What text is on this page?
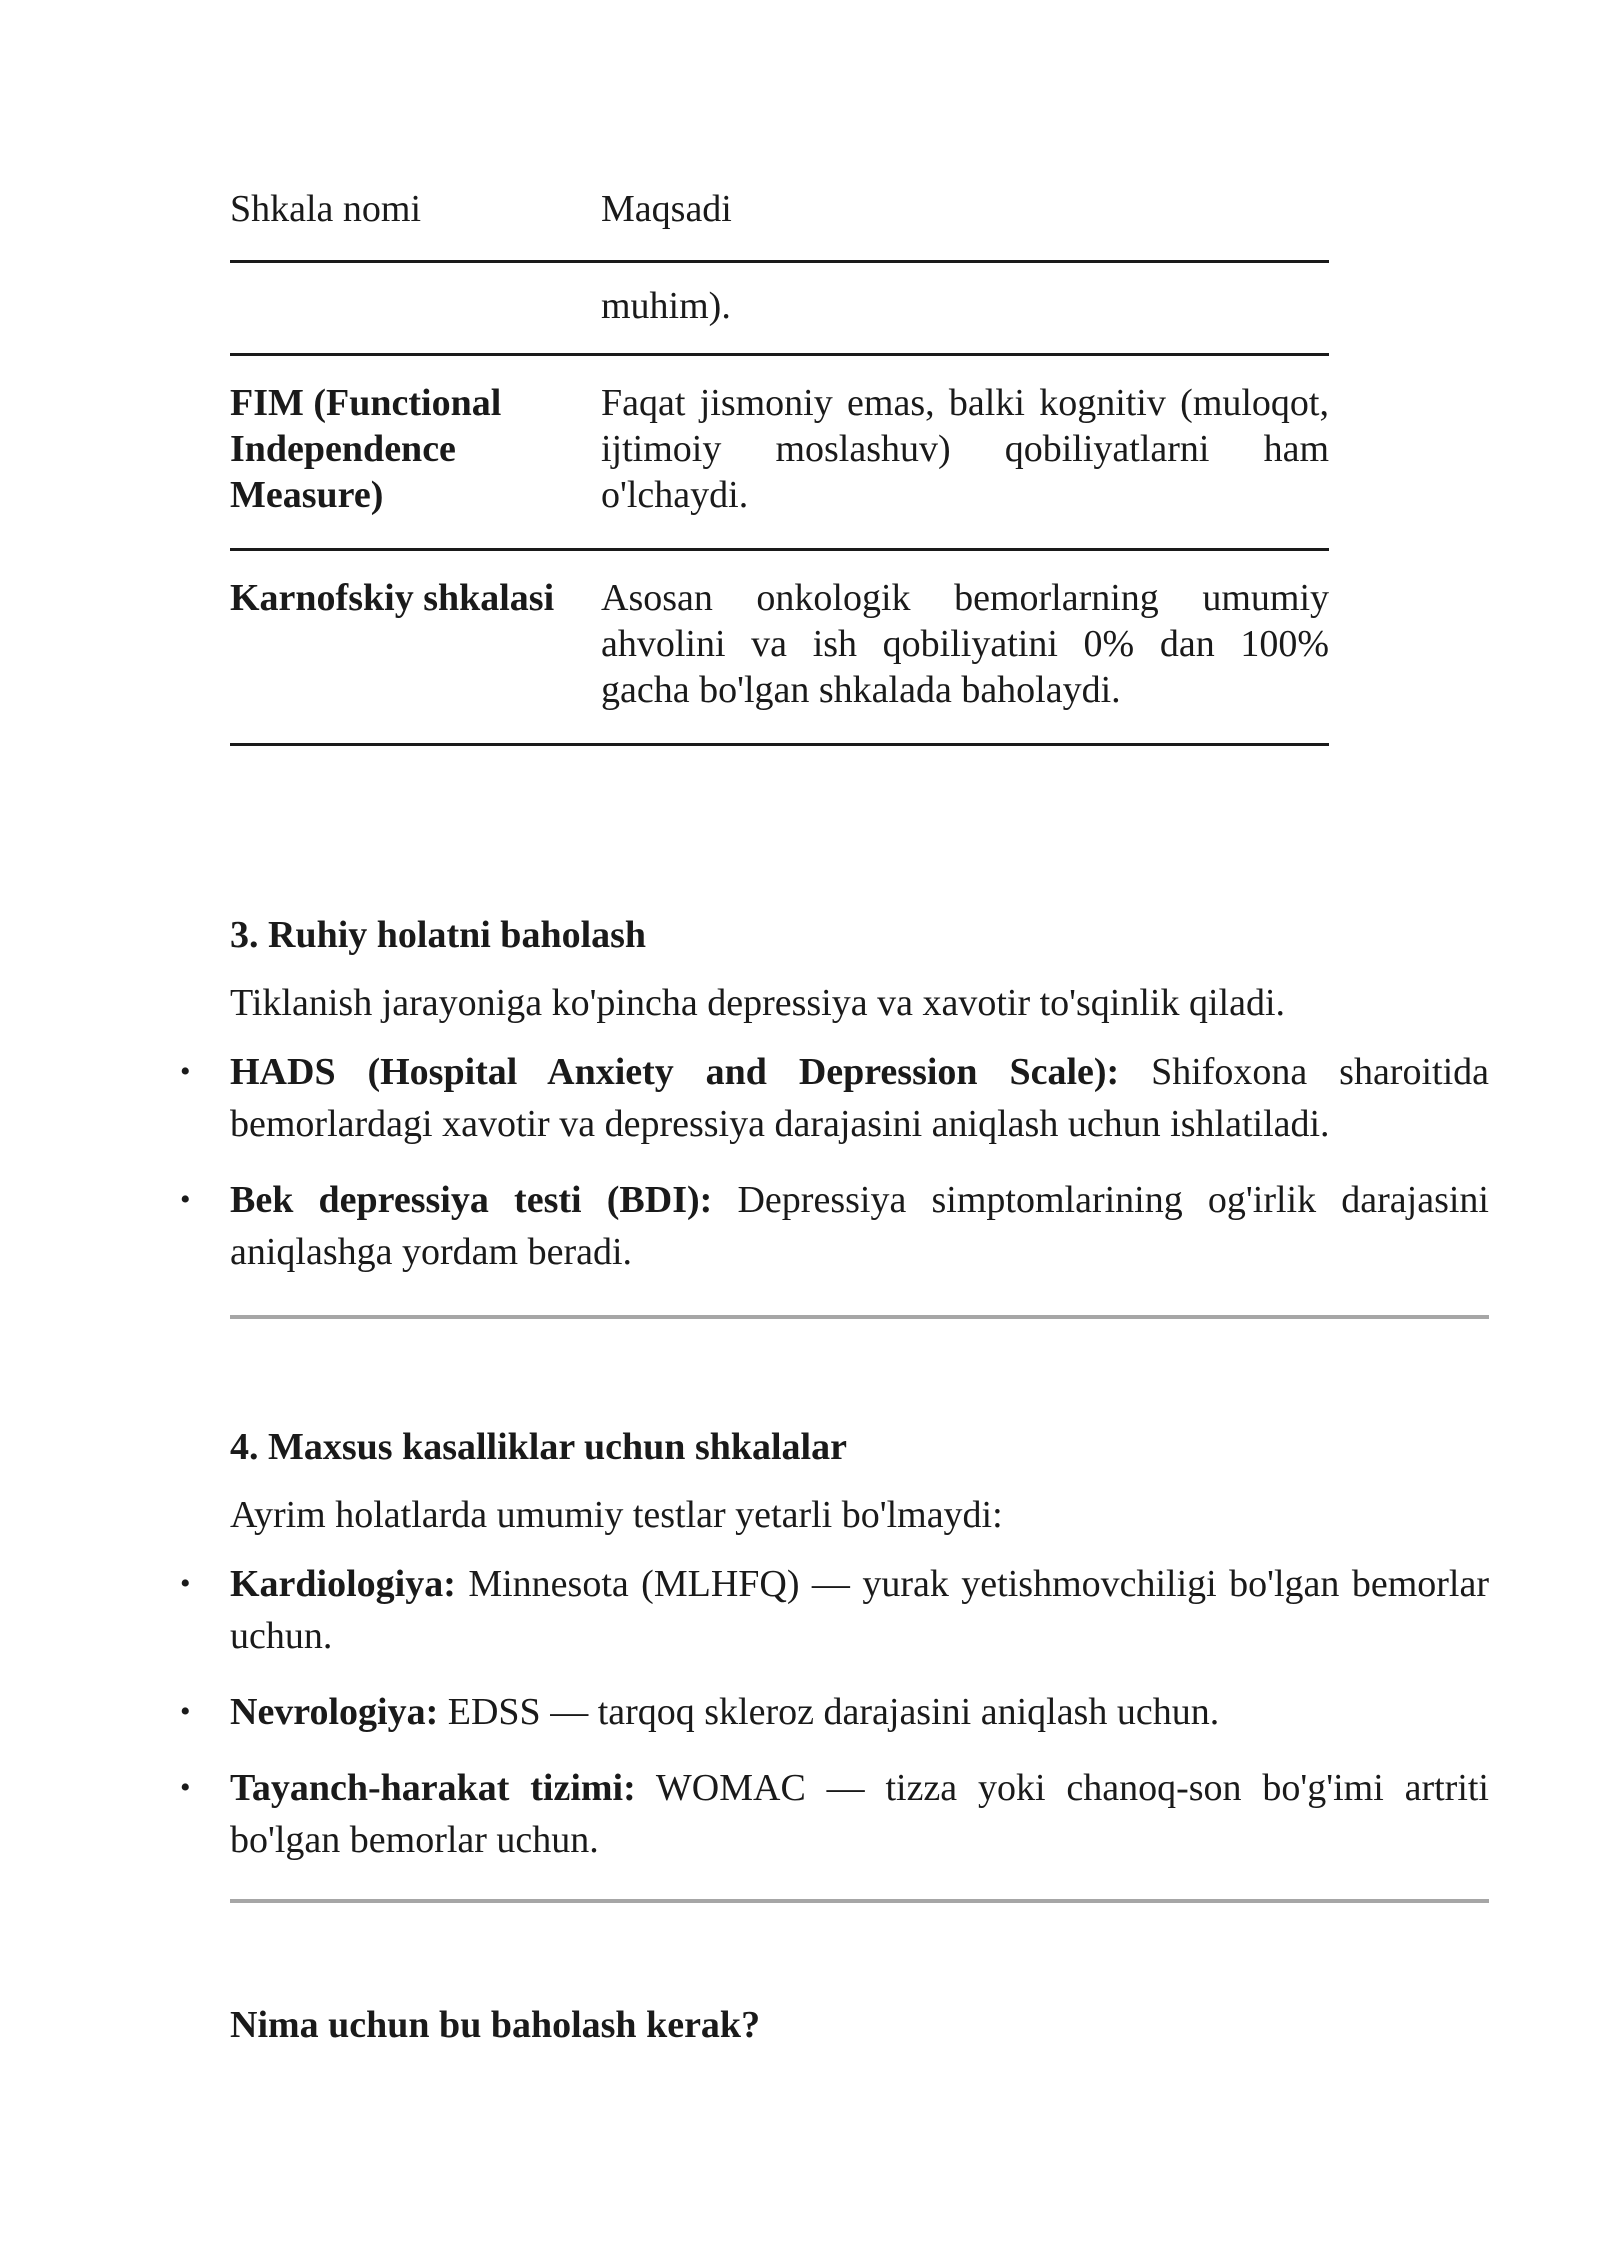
Shkala nomi	Maqsadi
	muhim).
FIM (Functional Independence Measure)	Faqat jismoniy emas, balki kognitiv (muloqot, ijtimoiy moslashuv) qobiliyatlarni ham o'lchaydi.
Karnofskiy shkalasi	Asosan onkologik bemorlarning umumiy ahvolini va ish qobiliyatini 0% dan 100% gacha bo'lgan shkalada baholaydi.
3. Ruhiy holatni baholash

Tiklanish jarayoniga ko'pincha depressiya va xavotir to'sqinlik qiladi.

• HADS (Hospital Anxiety and Depression Scale): Shifoxona sharoitida bemorlardagi xavotir va depressiya darajasini aniqlash uchun ishlatiladi.
• Bek depressiya testi (BDI): Depressiya simptomlarining og'irlik darajasini aniqlashga yordam beradi.
4. Maxsus kasalliklar uchun shkalalar

Ayrim holatlarda umumiy testlar yetarli bo'lmaydi:

• Kardiologiya: Minnesota (MLHFQ) — yurak yetishmovchiligi bo'lgan bemorlar uchun.
• Nevrologiya: EDSS — tarqoq skleroz darajasini aniqlash uchun.
• Tayanch-harakat tizimi: WOMAC — tizza yoki chanoq-son bo'g'imi artriti bo'lgan bemorlar uchun.
Nima uchun bu baholash kerak?
